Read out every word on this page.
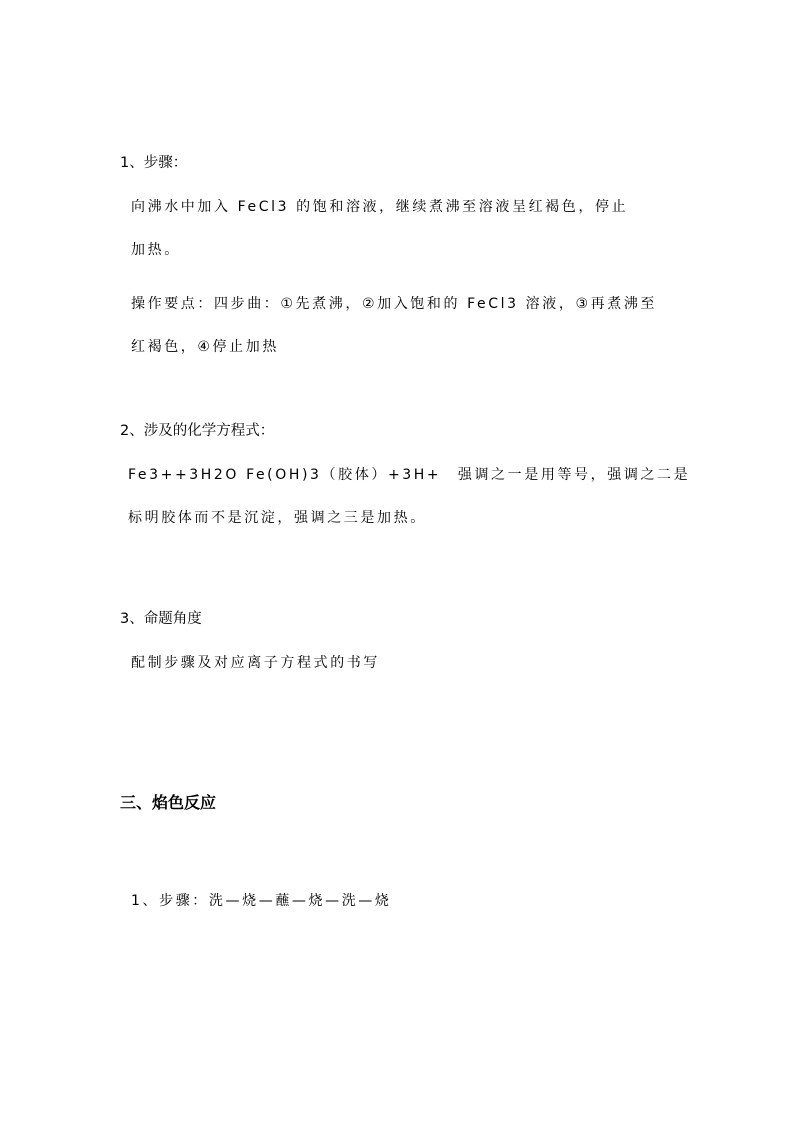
1、步骤：
向沸水中加入 FeCl3 的饱和溶液，继续煮沸至溶液呈红褐色，停止
加热。
操作要点：四步曲：①先煮沸，②加入饱和的 FeCl3 溶液，③再煮沸至
红褐色，④停止加热
2、涉及的化学方程式：
Fe3++3H2O Fe(OH)3（胶体）+3H+　强调之一是用等号，强调之二是
标明胶体而不是沉淀，强调之三是加热。
3、命题角度
配制步骤及对应离子方程式的书写
三、焰色反应
1、步骤：洗—烧—蘸—烧—洗—烧
